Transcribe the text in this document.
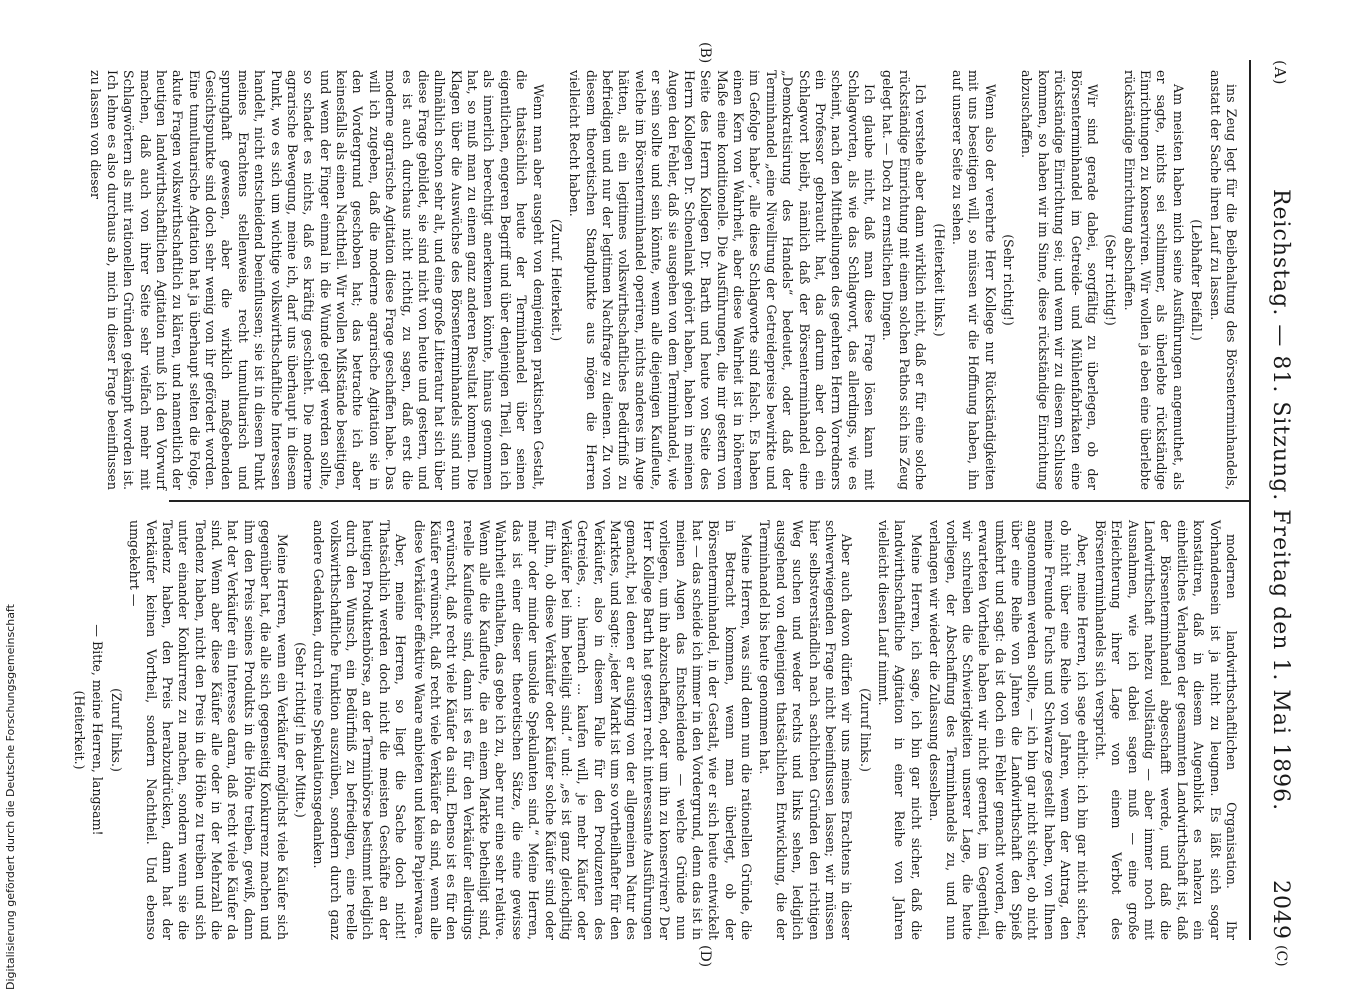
(A)
Reichstag. — 81. Sitzung. Freitag den 1. Mai 1896.
2049

ins Zeug legt für die Beibehaltung des Börsenterminhandels, anstatt der Sache ihren Lauf zu lassen.

(Lebhafter Beifall.)

Am meisten haben mich seine Ausführungen angemuthet, als er sagte, nichts sei schlimmer, als überlebte rückständige Einrichtungen zu konserviren. Wir wollen ja eben eine überlebte rückständige Einrichtung abschaffen.

(Sehr richtig!)

Wir sind gerade dabei, sorgfältig zu überlegen, ob der Börsenterminhandel im Getreide- und Mühlenfabrikaten eine rückständige Einrichtung sei; und wenn wir zu diesem Schlusse kommen, so haben wir im Sinne, diese rückständige Einrichtung abzuschaffen.

(Sehr richtig!)

Wenn also der verehrte Herr Kollege nur Rückständigkeiten mit uns beseitigen will, so müssen wir die Hoffnung haben, ihn auf unserer Seite zu sehen.

(Heiterkeit links.)

Ich verstehe aber dann wirklich nicht, daß er für eine solche rückständige Einrichtung mit einem solchen Pathos sich ins Zeug gelegt hat. — Doch zu ernstlichen Dingen.

Ich glaube nicht, daß man diese Frage lösen kann mit Schlagworten, als wie das Schlagwort, das allerdings, wie es scheint, nach den Mittheilungen des geehrten Herrn Vorredners ein Professor gebraucht hat, das darum aber doch ein Schlagwort bleibt, nämlich daß der Börsenterminhandel eine „Demokratisirung des Handels“ bedeutet, oder daß der Terminhandel „eine Nivellirung der Getreidepreise bewirkte und im Gefolge habe“, alle diese Schlagworte sind falsch. Es haben einen Kern von Wahrheit, aber diese Wahrheit ist in höherem Maße eine konditionelle. Die Ausführungen, die mir gestern von Seite des Herrn Kollegen Dr. Barth und heute von Seite des Herrn Kollegen Dr. Schoenlank gehört haben, haben in meinen Augen den Fehler, daß sie ausgehen von dem Terminhandel, wie er sein sollte und sein könnte, wenn alle diejenigen Kaufleute, welche im Börsenterminhandel operiren, nichts anderes im Auge hätten, als ein legitimes volkswirthschaftliches Bedürfniß zu befriedigen und nur der legitimen Nachfrage zu dienen. Zu von diesem theoretischen Standpunkte aus mögen die Herren vielleicht Recht haben.

(Zuruf. Heiterkeit.)

Wenn man aber ausgeht von demjenigen praktischen Gestalt, die thatsächlich heute der Terminhandel über seinen eigentlichen, engeren Begriff und über denjenigen Theil, den ich als innerlich berechtigt anerkennen könnte, hinaus genommen hat, so muß man zu einem ganz anderen Resultat kommen. Die Klagen über die Auswüchse des Börsenterminhandels sind nun allmählich schon sehr alt, und eine große Litteratur hat sich über diese Frage gebildet, sie sind nicht von heute und gestern, und es ist auch durchaus nicht richtig, zu sagen, daß erst die moderne agrarische Agitation diese Frage geschaffen habe. Das will ich zugeben, daß die moderne agrarische Agitation sie in den Vordergrund geschoben hat; das betrachte ich aber keinesfalls als einen Nachtheil. Wir wollen Mißstände beseitigen, und wenn der Finger einmal in die Wunde gelegt werden sollte, so schadet es nichts, daß es kräftig geschieht. Die moderne agrarische Bewegung, meine ich, darf uns überhaupt in diesem Punkt, wo es sich um wichtige volkswirthschaftliche Interessen handelt, nicht entscheidend beeinflussen; sie ist in diesem Punkt meines Erachtens stellenweise recht tumultuarisch und sprunghaft gewesen, aber die wirklich maßgebenden Gesichtspunkte sind doch sehr wenig von ihr gefördert worden. Eine tumultuarische Agitation hat ja überhaupt selten die Folge, akute Fragen volkswirthschaftlich zu klären, und namentlich der heutigen landwirthschaftlichen Agitation muß ich den Vorwurf machen, daß auch von ihrer Seite sehr vielfach mehr mit Schlagwörtern als mit rationellen Gründen gekämpft worden ist. Ich lehne es also durchaus ab, mich in dieser Frage beeinflussen zu lassen von dieser

modernen landwirthschaftlichen Organisation. Ihr Vorhandensein ist ja nicht zu leugnen. Es läßt sich sogar konstatiren, daß in diesem Augenblick es nahezu ein einheitliches Verlangen der gesammten Landwirthschaft ist, daß der Börsenterminhandel abgeschafft werde, und daß die Landwirthschaft nahezu vollständig — aber immer noch mit Ausnahmen, wie ich dabei sagen muß — eine große Erleichterung ihrer Lage von einem Verbot des Börsenterminhandels sich verspricht.

Aber, meine Herren, ich sage ehrlich: ich bin gar nicht sicher, ob nicht über eine Reihe von Jahren, wenn der Antrag, den meine Freunde Fuchs und Schwarze gestellt haben, von Ihnen angenommen werden sollte, — ich bin gar nicht sicher, ob nicht über eine Reihe von Jahren die Landwirthschaft den Spieß umkehrt und sagt: da ist doch ein Fehler gemacht worden, die erwarteten Vortheile haben wir nicht geerntet, im Gegentheil, wir schreiben die Schwierigkeiten unserer Lage, die heute vorliegen, der Abschaffung des Terminhandels zu, und nun verlangen wir wieder die Zulassung desselben.

Meine Herren, ich sage, ich bin gar nicht sicher, daß die landwirthschaftliche Agitation in einer Reihe von Jahren vielleicht diesen Lauf nimmt.

(Zuruf links.)

Aber auch davon dürfen wir uns meines Erachtens in dieser schwerwiegenden Frage nicht beeinflussen lassen; wir müssen hier selbstverständlich nach sachlichen Gründen den richtigen Weg suchen und weder rechts und links sehen, lediglich ausgehend von denjenigen thatsächlichen Entwicklung, die der Terminhandel bis heute genommen hat.

Meine Herren, was sind denn nun die rationellen Gründe, die in Betracht kommen, wenn man überlegt, ob der Börsenterminhandel, in der Gestalt, wie er sich heute entwickelt hat — das scheide ich immer in den Vordergrund, denn das ist in meinen Augen das Entscheidende — welche Gründe nun vorliegen, um ihn abzuschaffen, oder um ihn zu konserviren? Der Herr Kollege Barth hat gestern recht interessante Ausführungen gemacht, bei denen er ausging von der allgemeinen Natur des Marktes, und sagte: „jeder Markt ist um so vortheilhafter für den Verkäufer, also in diesem Falle für den Produzenten des Getreides, ... hiernach ... kaufen will, je mehr Käufer oder Verkäufer bei ihm beteiligt sind.“ und: „es ist ganz gleichgiltig für ihn, ob diese Verkäufer oder Käufer solche Käufer sind oder mehr oder minder unsolide Spekulanten sind.“ Meine Herren, das ist einer dieser theoretischen Sätze, die eine gewisse Wahrheit enthalten, das gebe ich zu, aber nur eine sehr relative. Wenn alle die Kaufleute, die an einem Markte betheiligt sind, reelle Kaufleute sind, dann ist es für den Verkäufer allerdings erwünscht, daß recht viele Käufer da sind. Ebenso ist es für den Käufer erwünscht, daß recht viele Verkäufer da sind, wenn alle diese Verkäufer effektive Waare anbieten und keine Papierwaare.

Aber, meine Herren, so liegt die Sache doch nicht! Thatsächlich werden doch nicht die meisten Geschäfte an der heutigen Produktenbörse, an der Terminbörse bestimmt lediglich durch den Wunsch, ein Bedürfniß zu befriedigen, eine reelle volkswirthschaftliche Funktion auszuüben, sondern durch ganz andere Gedanken, durch reine Spekulationsgedanken.

(Sehr richtig! in der Mitte.)

Meine Herren, wenn ein Verkäufer möglichst viele Käufer sich gegenüber hat, die alle sich gegenseitig Konkurrenz machen und ihm den Preis seines Produkts in die Höhe treiben, gewiß, dann hat der Verkäufer ein Interesse daran, daß recht viele Käufer da sind. Wenn aber diese Käufer alle oder in der Mehrzahl die Tendenz haben, nicht den Preis in die Höhe zu treiben und sich unter einander Konkurrenz zu machen, sondern wenn sie die Tendenz haben, den Preis herabzudrücken, dann hat der Verkäufer keinen Vortheil, sondern Nachtheil. Und ebenso umgekehrt —

(Zuruf links.)

— Bitte, meine Herren, langsam!

(Heiterkeit.)

(B)
(D)	(C)
Digitalisierung gefördert durch die Deutsche Forschungsgemeinschaft
